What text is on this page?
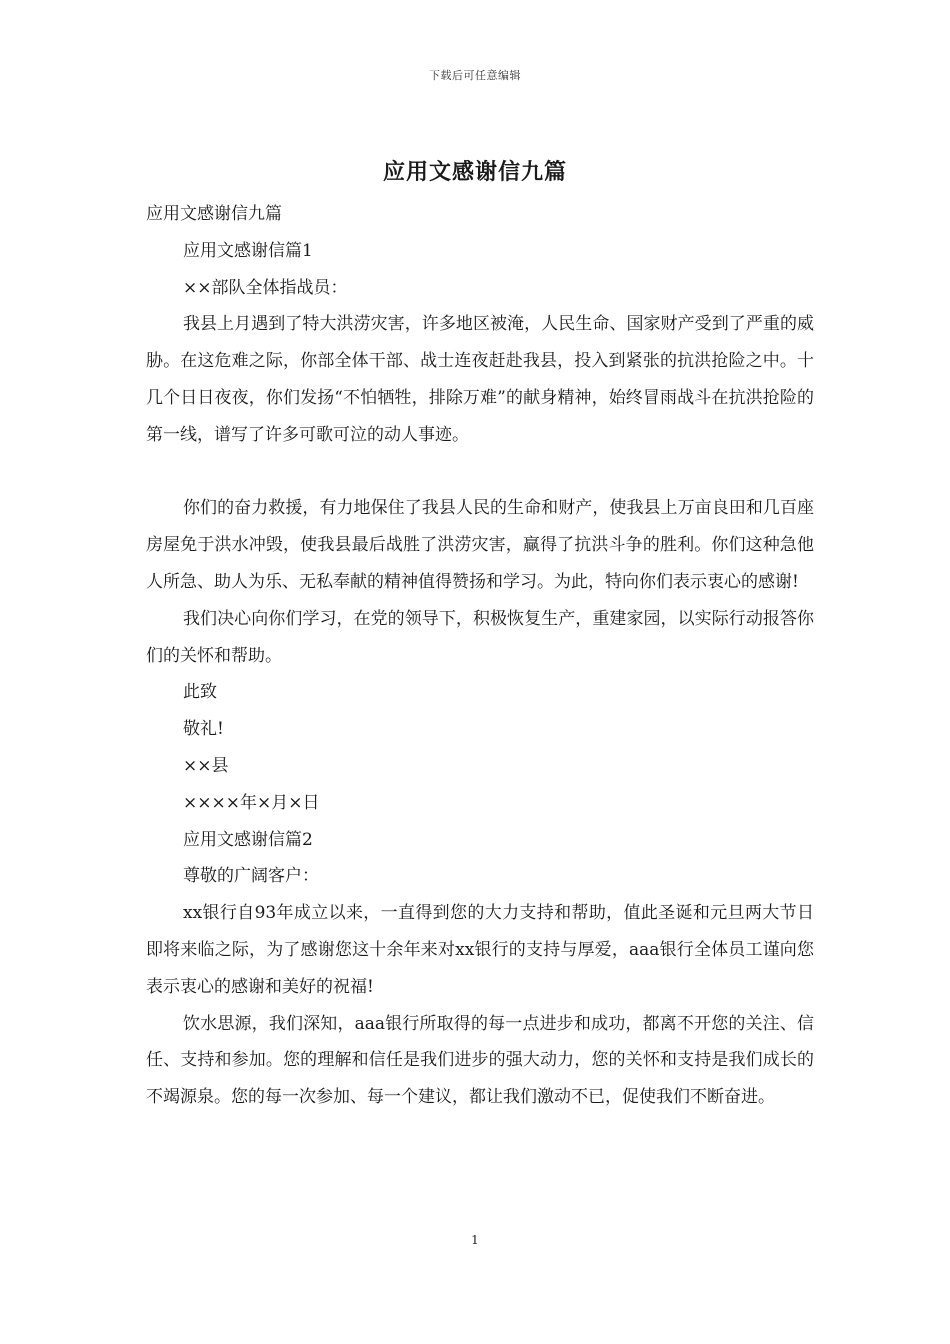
下载后可任意编辑
应用文感谢信九篇

应用文感谢信九篇

应用文感谢信篇1

××部队全体指战员：

我县上月遇到了特大洪涝灾害，许多地区被淹，人民生命、国家财产受到了严重的威胁。在这危难之际，你部全体干部、战士连夜赶赴我县，投入到紧张的抗洪抢险之中。十几个日日夜夜，你们发扬“不怕牺牲，排除万难”的献身精神，始终冒雨战斗在抗洪抢险的第一线，谱写了许多可歌可泣的动人事迹。

你们的奋力救援，有力地保住了我县人民的生命和财产，使我县上万亩良田和几百座房屋免于洪水冲毁，使我县最后战胜了洪涝灾害，赢得了抗洪斗争的胜利。你们这种急他人所急、助人为乐、无私奉献的精神值得赞扬和学习。为此，特向你们表示衷心的感谢!

我们决心向你们学习，在党的领导下，积极恢复生产，重建家园，以实际行动报答你们的关怀和帮助。

此致

敬礼!

××县

××××年×月×日

应用文感谢信篇2

尊敬的广阔客户：

xx银行自93年成立以来，一直得到您的大力支持和帮助，值此圣诞和元旦两大节日即将来临之际，为了感谢您这十余年来对xx银行的支持与厚爱，aaa银行全体员工谨向您表示衷心的感谢和美好的祝福!

饮水思源，我们深知，aaa银行所取得的每一点进步和成功，都离不开您的关注、信任、支持和参加。您的理解和信任是我们进步的强大动力，您的关怀和支持是我们成长的不竭源泉。您的每一次参加、每一个建议，都让我们激动不已，促使我们不断奋进。

1
